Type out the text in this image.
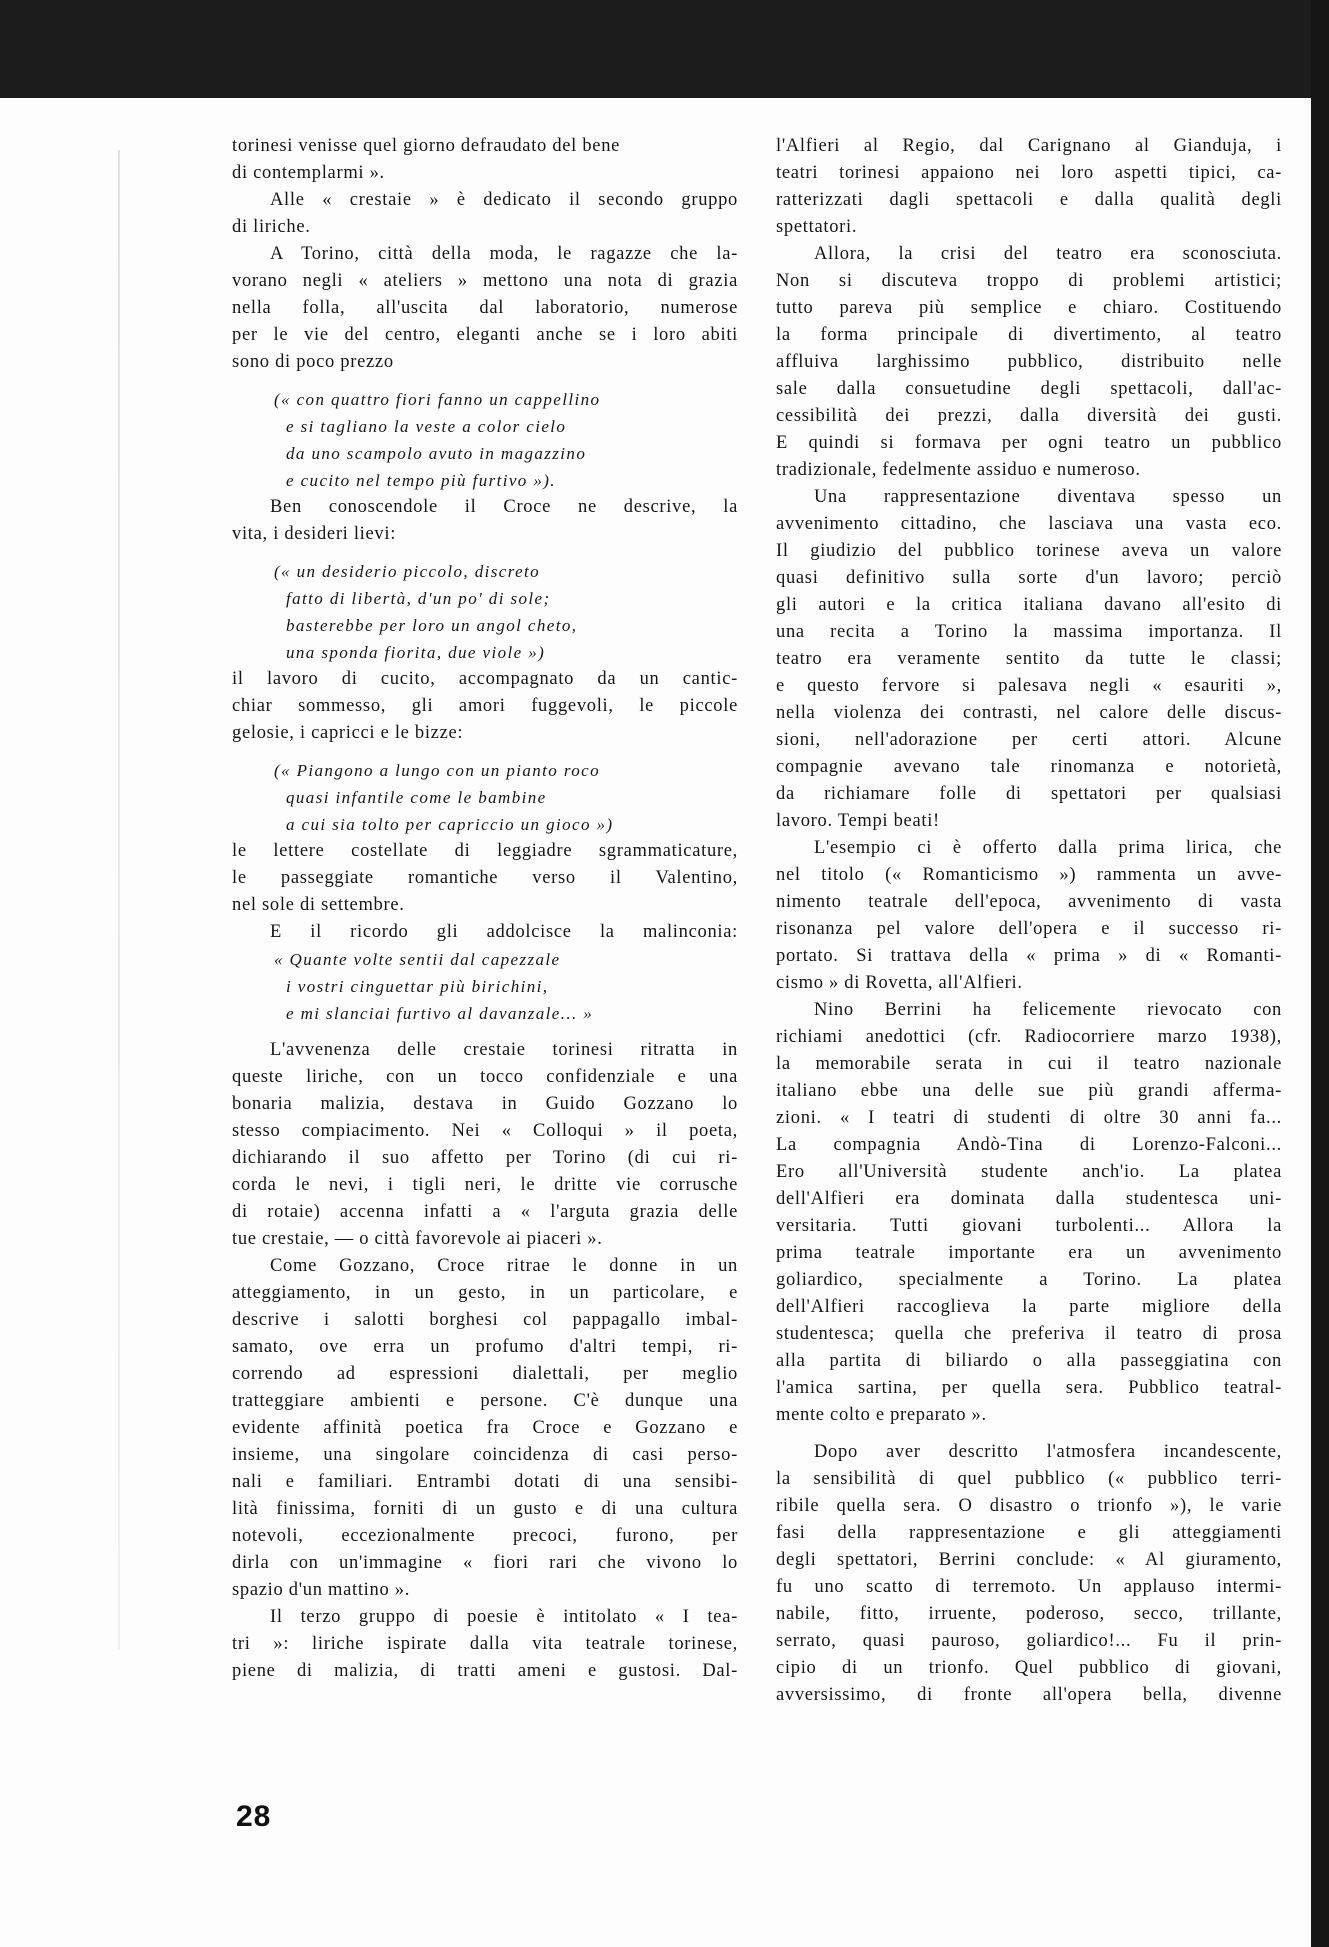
torinesi venisse quel giorno defraudato del bene
di contemplarmi ».
Alle « crestaie » è dedicato il secondo gruppo
di liriche.
A Torino, città della moda, le ragazze che la-
vorano negli « ateliers » mettono una nota di grazia
nella folla, all'uscita dal laboratorio, numerose
per le vie del centro, eleganti anche se i loro abiti
sono di poco prezzo
(« con quattro fiori fanno un cappellino
e si tagliano la veste a color cielo
da uno scampolo avuto in magazzino
e cucito nel tempo più furtivo »).
Ben conoscendole il Croce ne descrive, la
vita, i desideri lievi:
(« un desiderio piccolo, discreto
fatto di libertà, d'un po' di sole;
basterebbe per loro un angol cheto,
una sponda fiorita, due viole »)
il lavoro di cucito, accompagnato da un cantic-
chiar sommesso, gli amori fuggevoli, le piccole
gelosie, i capricci e le bizze:
(« Piangono a lungo con un pianto roco
quasi infantile come le bambine
a cui sia tolto per capriccio un gioco »)
le lettere costellate di leggiadre sgrammaticature,
le passeggiate romantiche verso il Valentino,
nel sole di settembre.
E il ricordo gli addolcisce la malinconia:
« Quante volte sentii dal capezzale
i vostri cinguettar più birichini,
e mi slanciai furtivo al davanzale... »
L'avvenenza delle crestaie torinesi ritratta in
queste liriche, con un tocco confidenziale e una
bonaria malizia, destava in Guido Gozzano lo
stesso compiacimento. Nei « Colloqui » il poeta,
dichiarando il suo affetto per Torino (di cui ri-
corda le nevi, i tigli neri, le dritte vie corrusche
di rotaie) accenna infatti a « l'arguta grazia delle
tue crestaie, — o città favorevole ai piaceri ».
Come Gozzano, Croce ritrae le donne in un
atteggiamento, in un gesto, in un particolare, e
descrive i salotti borghesi col pappagallo imbal-
samato, ove erra un profumo d'altri tempi, ri-
correndo ad espressioni dialettali, per meglio
tratteggiare ambienti e persone. C'è dunque una
evidente affinità poetica fra Croce e Gozzano e
insieme, una singolare coincidenza di casi perso-
nali e familiari. Entrambi dotati di una sensibi-
lità finissima, forniti di un gusto e di una cultura
notevoli, eccezionalmente precoci, furono, per
dirla con un'immagine « fiori rari che vivono lo
spazio d'un mattino ».
Il terzo gruppo di poesie è intitolato « I tea-
tri »: liriche ispirate dalla vita teatrale torinese,
piene di malizia, di tratti ameni e gustosi. Dal-
l'Alfieri al Regio, dal Carignano al Gianduja, i
teatri torinesi appaiono nei loro aspetti tipici, ca-
ratterizzati dagli spettacoli e dalla qualità degli
spettatori.
Allora, la crisi del teatro era sconosciuta.
Non si discuteva troppo di problemi artistici;
tutto pareva più semplice e chiaro. Costituendo
la forma principale di divertimento, al teatro
affluiva larghissimo pubblico, distribuito nelle
sale dalla consuetudine degli spettacoli, dall'ac-
cessibilità dei prezzi, dalla diversità dei gusti.
E quindi si formava per ogni teatro un pubblico
tradizionale, fedelmente assiduo e numeroso.
Una rappresentazione diventava spesso un
avvenimento cittadino, che lasciava una vasta eco.
Il giudizio del pubblico torinese aveva un valore
quasi definitivo sulla sorte d'un lavoro; perciò
gli autori e la critica italiana davano all'esito di
una recita a Torino la massima importanza. Il
teatro era veramente sentito da tutte le classi;
e questo fervore si palesava negli « esauriti »,
nella violenza dei contrasti, nel calore delle discus-
sioni, nell'adorazione per certi attori. Alcune
compagnie avevano tale rinomanza e notorietà,
da richiamare folle di spettatori per qualsiasi
lavoro. Tempi beati!
L'esempio ci è offerto dalla prima lirica, che
nel titolo (« Romanticismo ») rammenta un avve-
nimento teatrale dell'epoca, avvenimento di vasta
risonanza pel valore dell'opera e il successo ri-
portato. Si trattava della « prima » di « Romanti-
cismo » di Rovetta, all'Alfieri.
Nino Berrini ha felicemente rievocato con
richiami anedottici (cfr. Radiocorriere marzo 1938),
la memorabile serata in cui il teatro nazionale
italiano ebbe una delle sue più grandi afferma-
zioni. « I teatri di studenti di oltre 30 anni fa...
La compagnia Andò-Tina di Lorenzo-Falconi...
Ero all'Università studente anch'io. La platea
dell'Alfieri era dominata dalla studentesca uni-
versitaria. Tutti giovani turbolenti... Allora la
prima teatrale importante era un avvenimento
goliardico, specialmente a Torino. La platea
dell'Alfieri raccoglieva la parte migliore della
studentesca; quella che preferiva il teatro di prosa
alla partita di biliardo o alla passeggiatina con
l'amica sartina, per quella sera. Pubblico teatral-
mente colto e preparato ».
Dopo aver descritto l'atmosfera incandescente,
la sensibilità di quel pubblico (« pubblico terri-
ribile quella sera. O disastro o trionfo »), le varie
fasi della rappresentazione e gli atteggiamenti
degli spettatori, Berrini conclude: « Al giuramento,
fu uno scatto di terremoto. Un applauso intermi-
nabile, fitto, irruente, poderoso, secco, trillante,
serrato, quasi pauroso, goliardico!... Fu il prin-
cipio di un trionfo. Quel pubblico di giovani,
avversissimo, di fronte all'opera bella, divenne
28
